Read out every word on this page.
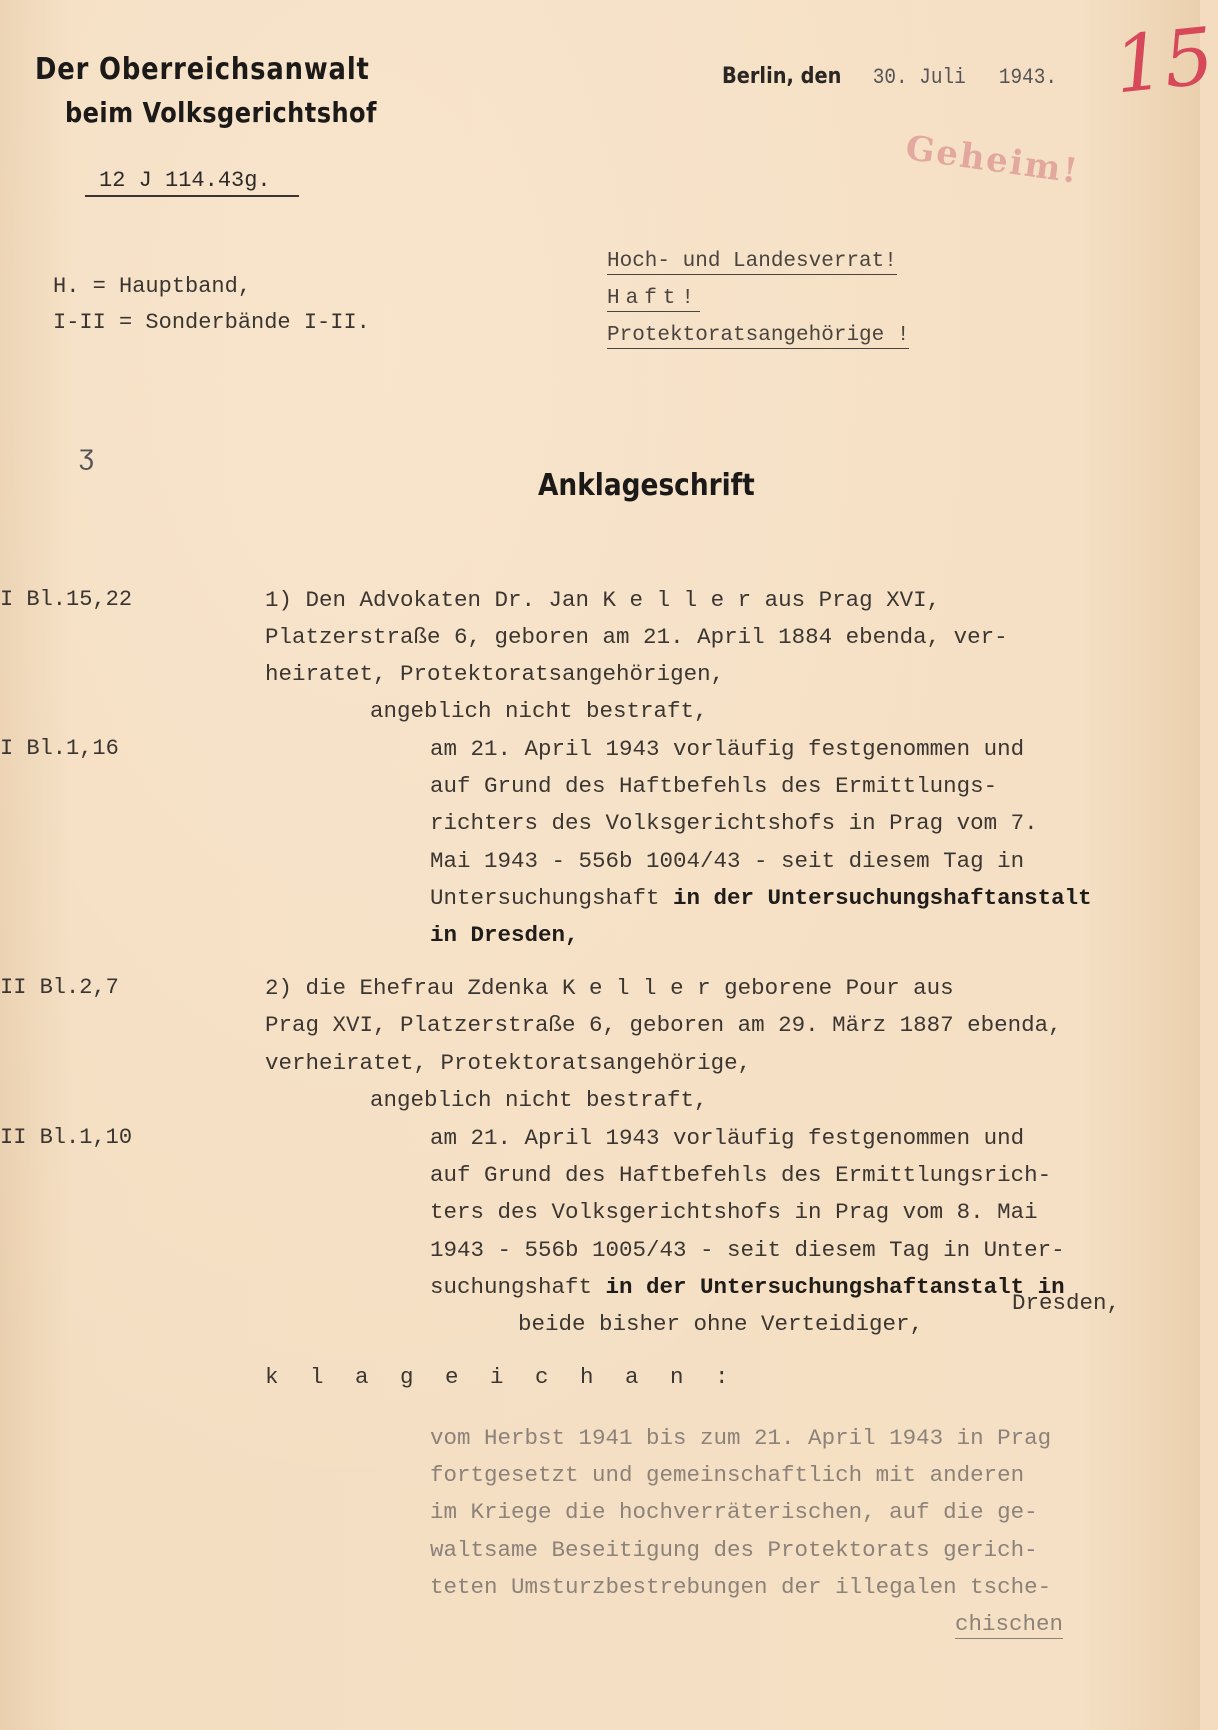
Der Oberreichsanwalt
beim Volksgerichtshof
Berlin, den 30. Juli 1943. 15
Geheim!
12 J 114.43g.
H. = Hauptband,
I-II = Sonderbände I-II.
Hoch- und Landesverrat!
Haft!
Protektoratsangehörige !
ʒ
Anklageschrift
I Bl.15,22
I Bl.1,16
II Bl.2,7
II Bl.1,10
1) Den Advokaten Dr. Jan K e l l e r aus Prag XVI,
Platzerstraße 6, geboren am 21. April 1884 ebenda, ver-
heiratet, Protektoratsangehörigen,
angeblich nicht bestraft,
am 21. April 1943 vorläufig festgenommen und
auf Grund des Haftbefehls des Ermittlungs-
richters des Volksgerichtshofs in Prag vom 7.
Mai 1943 - 556b 1004/43 - seit diesem Tag in
Untersuchungshaft in der Untersuchungshaftanstalt
in Dresden,
2) die Ehefrau Zdenka K e l l e r geborene Pour aus
Prag XVI, Platzerstraße 6, geboren am 29. März 1887 ebenda,
verheiratet, Protektoratsangehörige,
angeblich nicht bestraft,
am 21. April 1943 vorläufig festgenommen und
auf Grund des Haftbefehls des Ermittlungsrich-
ters des Volksgerichtshofs in Prag vom 8. Mai
1943 - 556b 1005/43 - seit diesem Tag in Unter-
suchungshaft in der Untersuchungshaftanstalt in
Dresden,
beide bisher ohne Verteidiger,
k l a g e i c h a n :
vom Herbst 1941 bis zum 21. April 1943 in Prag
fortgesetzt und gemeinschaftlich mit anderen
im Kriege die hochverräterischen, auf die ge-
waltsame Beseitigung des Protektorats gerich-
teten Umsturzbestrebungen der illegalen tsche-
chischen
